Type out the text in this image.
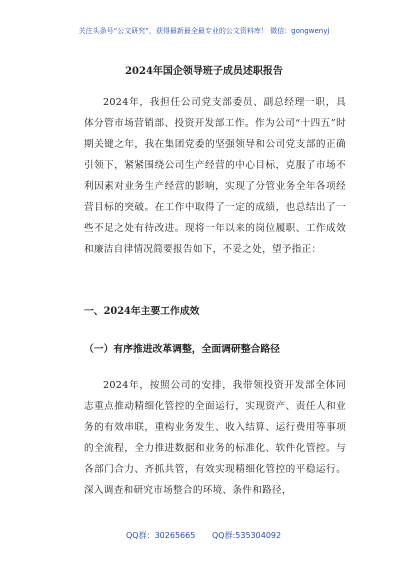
关注头条号“公文研究”，获得最新最全最专业的公文资料库！ 微信：gongwenyj
2024年国企领导班子成员述职报告

2024年，我担任公司党支部委员、副总经理一职，具体分管市场营销部、投资开发部工作。作为公司“十四五”时期关键之年，我在集团党委的坚强领导和公司党支部的正确引领下，紧紧围绕公司生产经营的中心目标，克服了市场不利因素对业务生产经营的影响，实现了分管业务全年各项经营目标的突破。在工作中取得了一定的成绩，也总结出了一些不足之处有待改进。现将一年以来的岗位履职、工作成效和廉洁自律情况简要报告如下，不妥之处，望予指正：

一、2024年主要工作成效
（一）有序推进改革调整，全面调研整合路径

2024年，按照公司的安排，我带领投资开发部全体同志重点推动精细化管控的全面运行，实现资产、责任人和业务的有效串联，重构业务发生、收入结算、运行费用等事项的全流程，全力推进数据和业务的标准化、软件化管控。与各部门合力、齐抓共管，有效实现精细化管控的平稳运行。深入调查和研究市场整合的环境、条件和路径，

QQ群：30265665 QQ群:535304092
